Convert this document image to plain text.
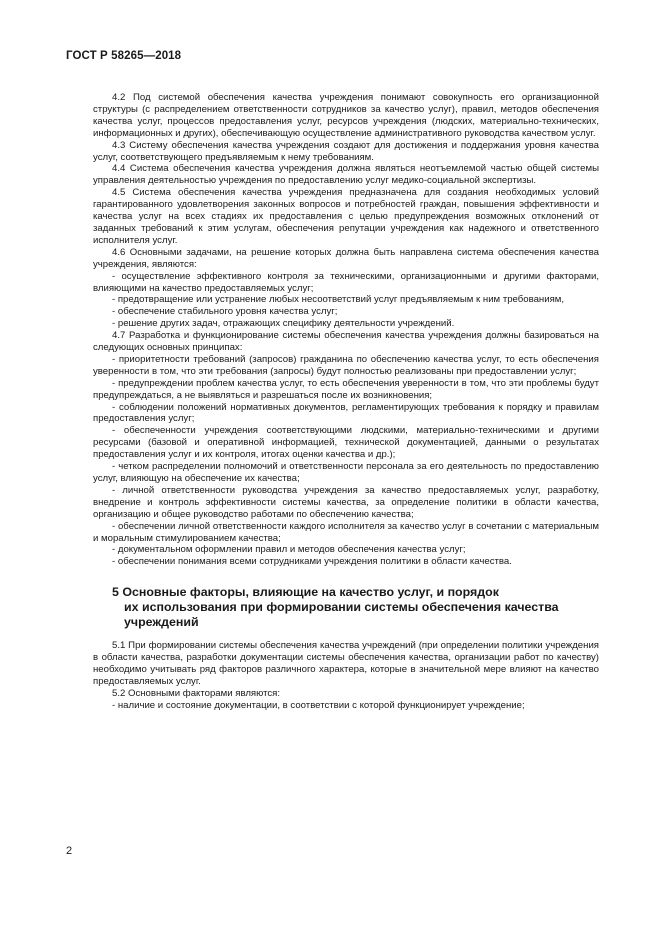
ГОСТ Р 58265—2018

4.2 Под системой обеспечения качества учреждения понимают совокупность его организационной структуры (с распределением ответственности сотрудников за качество услуг), правил, методов обеспечения качества услуг, процессов предоставления услуг, ресурсов учреждения (людских, материально-технических, информационных и других), обеспечивающую осуществление административного руководства качеством услуг.

4.3 Систему обеспечения качества учреждения создают для достижения и поддержания уровня качества услуг, соответствующего предъявляемым к нему требованиям.

4.4 Система обеспечения качества учреждения должна являться неотъемлемой частью общей системы управления деятельностью учреждения по предоставлению услуг медико-социальной экспертизы.

4.5 Система обеспечения качества учреждения предназначена для создания необходимых условий гарантированного удовлетворения законных вопросов и потребностей граждан, повышения эффективности и качества услуг на всех стадиях их предоставления с целью предупреждения возможных отклонений от заданных требований к этим услугам, обеспечения репутации учреждения как надежного и ответственного исполнителя услуг.

4.6 Основными задачами, на решение которых должна быть направлена система обеспечения качества учреждения, являются:

- осуществление эффективного контроля за техническими, организационными и другими факторами, влияющими на качество предоставляемых услуг;

- предотвращение или устранение любых несоответствий услуг предъявляемым к ним требованиям,

- обеспечение стабильного уровня качества услуг;

- решение других задач, отражающих специфику деятельности учреждений.

4.7 Разработка и функционирование системы обеспечения качества учреждения должны базироваться на следующих основных принципах:

- приоритетности требований (запросов) гражданина по обеспечению качества услуг, то есть обеспечения уверенности в том, что эти требования (запросы) будут полностью реализованы при предоставлении услуг;

- предупреждении проблем качества услуг, то есть обеспечения уверенности в том, что эти проблемы будут предупреждаться, а не выявляться и разрешаться после их возникновения;

- соблюдении положений нормативных документов, регламентирующих требования к порядку и правилам предоставления услуг;

- обеспеченности учреждения соответствующими людскими, материально-техническими и другими ресурсами (базовой и оперативной информацией, технической документацией, данными о результатах предоставления услуг и их контроля, итогах оценки качества и др.);

- четком распределении полномочий и ответственности персонала за его деятельность по предоставлению услуг, влияющую на обеспечение их качества;

- личной ответственности руководства учреждения за качество предоставляемых услуг, разработку, внедрение и контроль эффективности системы качества, за определение политики в области качества, организацию и общее руководство работами по обеспечению качества;

- обеспечении личной ответственности каждого исполнителя за качество услуг в сочетании с материальным и моральным стимулированием качества;

- документальном оформлении правил и методов обеспечения качества услуг;

- обеспечении понимания всеми сотрудниками учреждения политики в области качества.

5 Основные факторы, влияющие на качество услуг, и порядок
их использования при формировании системы обеспечения качества
учреждений

5.1 При формировании системы обеспечения качества учреждений (при определении политики учреждения в области качества, разработки документации системы обеспечения качества, организации работ по качеству) необходимо учитывать ряд факторов различного характера, которые в значительной мере влияют на качество предоставляемых услуг.

5.2 Основными факторами являются:

- наличие и состояние документации, в соответствии с которой функционирует учреждение;

2
